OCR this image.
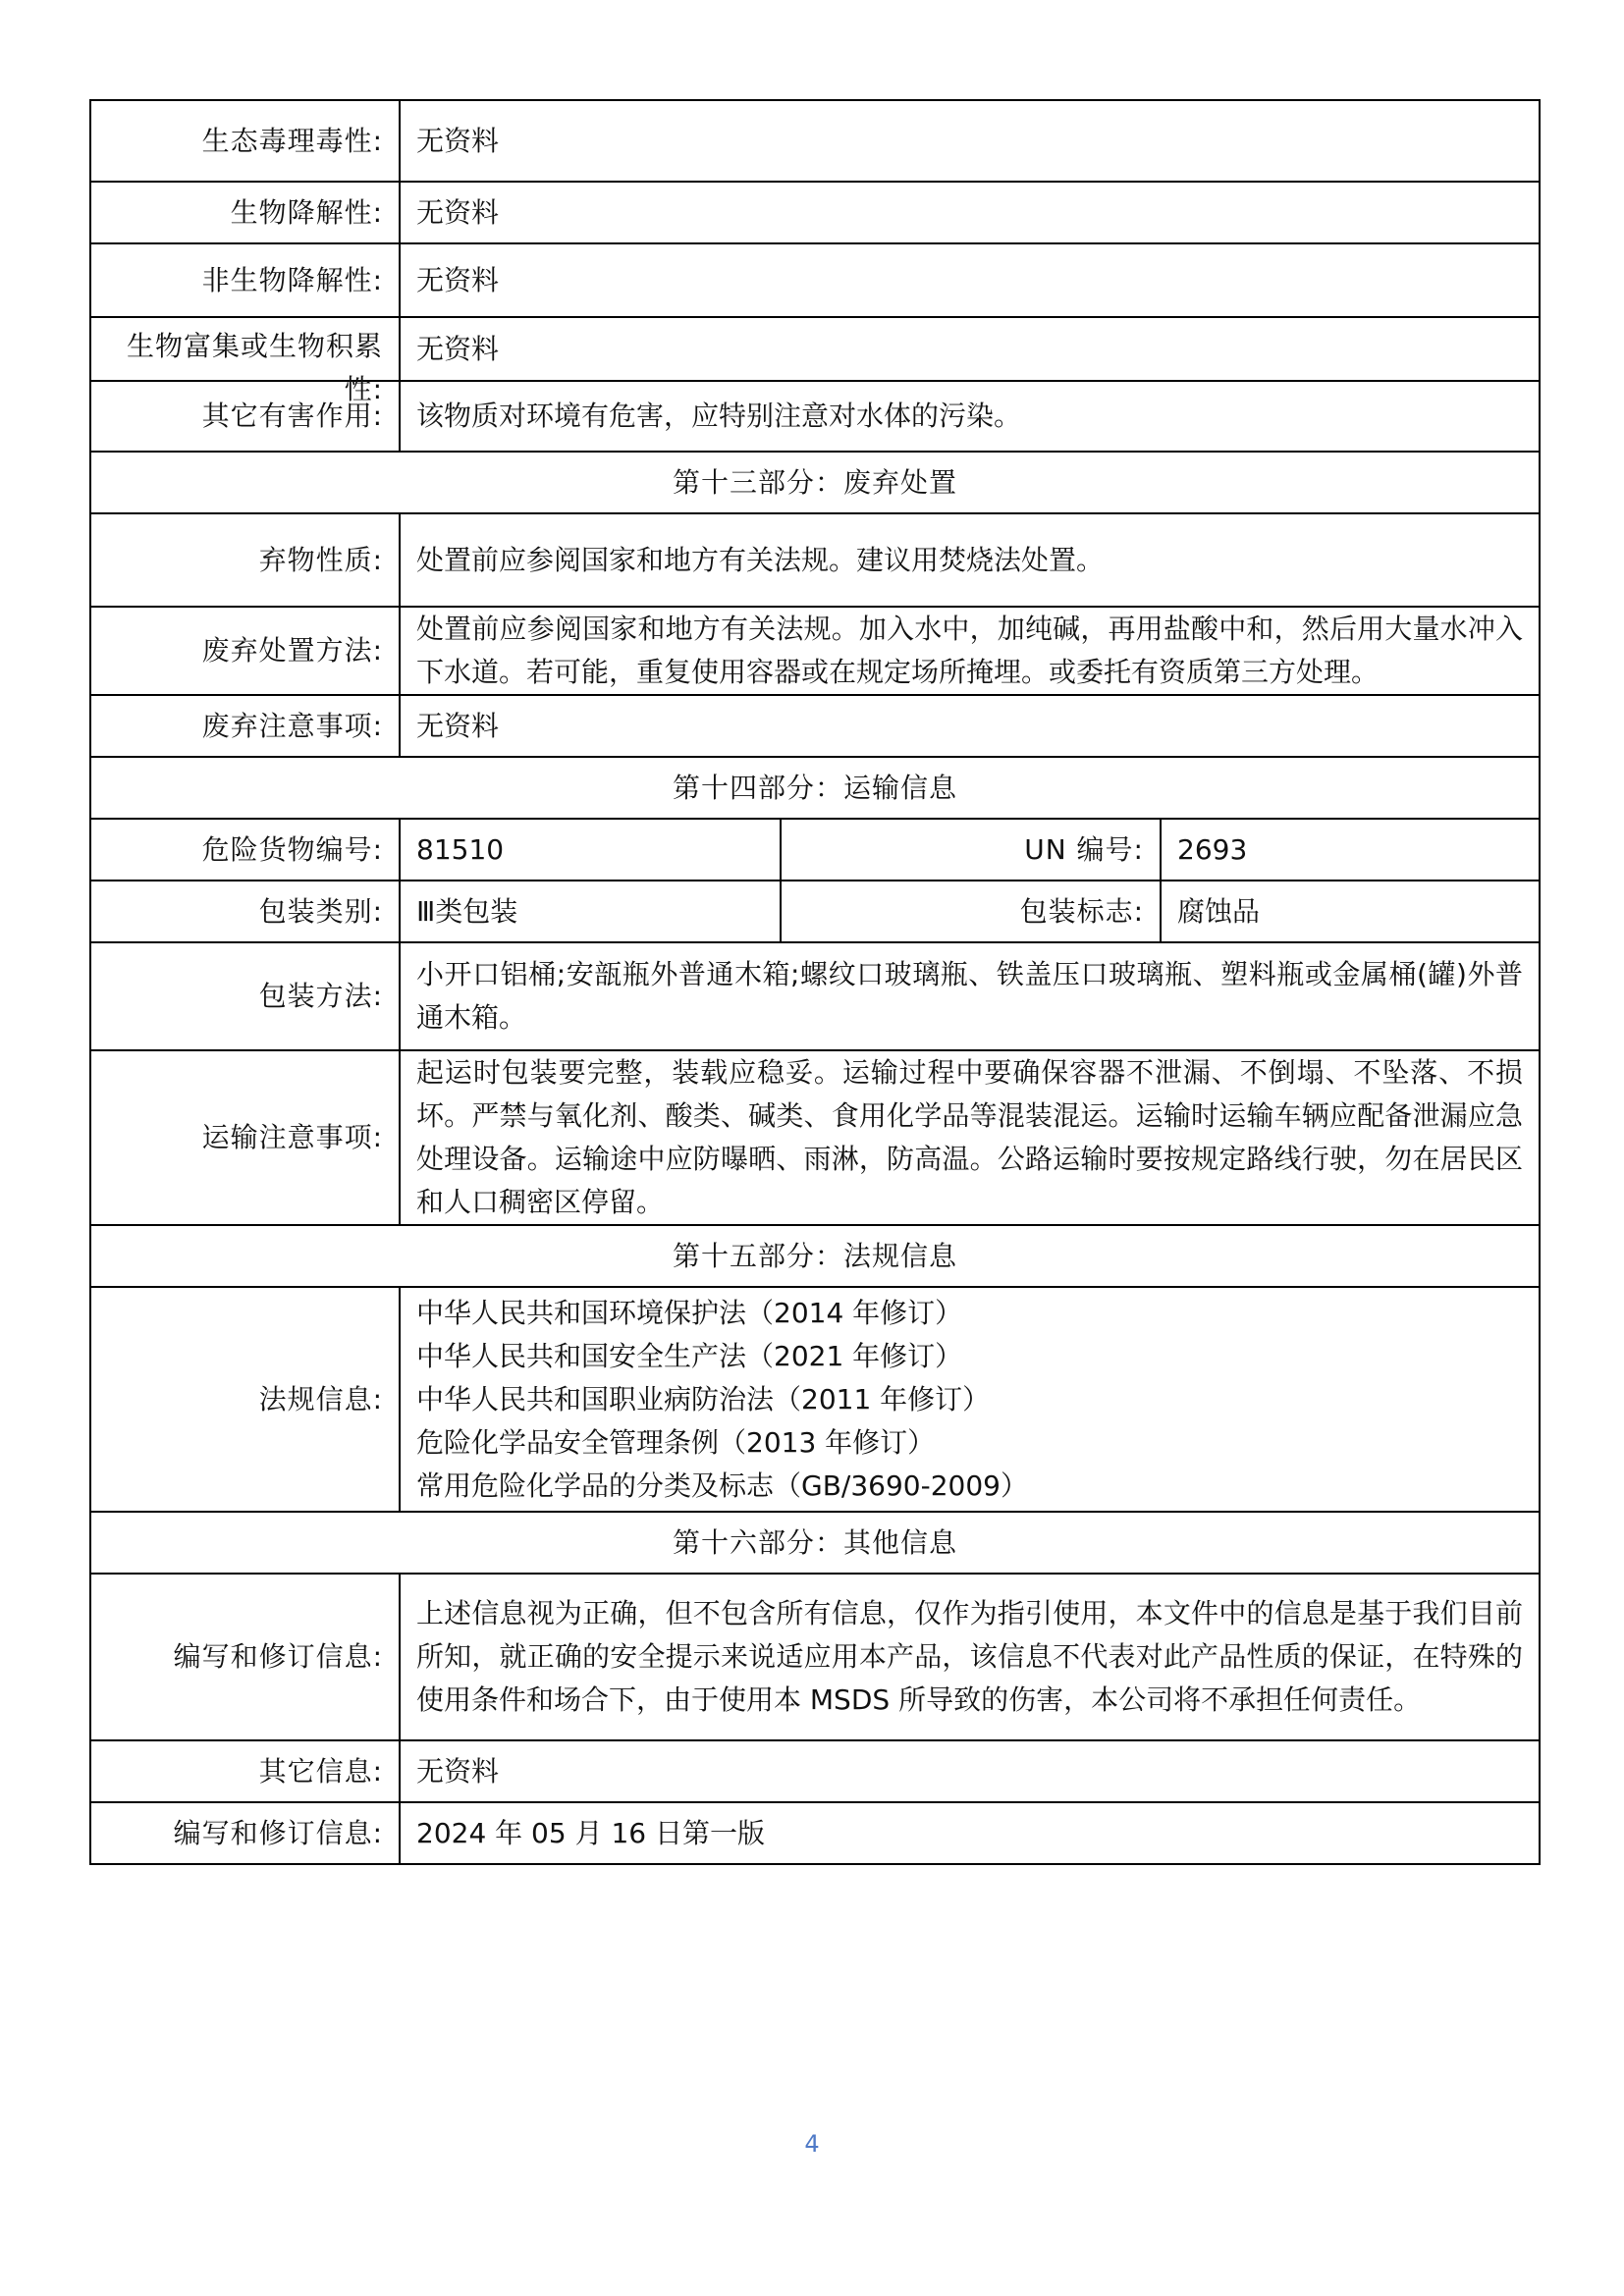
生态毒理毒性:	无资料		
生物降解性:	无资料		
非生物降解性:	无资料		

生物富集或生物积累性:	无资料		
其它有害作用:	该物质对环境有危害，应特别注意对水体的污染。		
第十三部分：废弃处置			
弃物性质:	处置前应参阅国家和地方有关法规。建议用焚烧法处置。		
废弃处置方法:	处置前应参阅国家和地方有关法规。加入水中，加纯碱，再用盐酸中和，然后用大量水冲入下水道。若可能，重复使用容器或在规定场所掩埋。或委托有资质第三方处理。		

废弃注意事项:	无资料		
第十四部分：运输信息			
危险货物编号:	81510	UN 编号:	2693
包装类别:	Ⅲ类包装	包装标志:	腐蚀品
包装方法:	小开口铝桶;安瓿瓶外普通木箱;螺纹口玻璃瓶、铁盖压口玻璃瓶、塑料瓶或金属桶(罐)外普通木箱。		

运输注意事项:	起运时包装要完整，装载应稳妥。运输过程中要确保容器不泄漏、不倒塌、不坠落、不损坏。严禁与氧化剂、酸类、碱类、食用化学品等混装混运。运输时运输车辆应配备泄漏应急处理设备。运输途中应防曝晒、雨淋，防高温。公路运输时要按规定路线行驶，勿在居民区和人口稠密区停留。		

第十五部分：法规信息			
法规信息:	中华人民共和国环境保护法（2014 年修订）
中华人民共和国安全生产法（2021 年修订）
中华人民共和国职业病防治法（2011 年修订）
危险化学品安全管理条例（2013 年修订）
常用危险化学品的分类及标志（GB/3690-2009）		

第十六部分：其他信息			
编写和修订信息:	上述信息视为正确，但不包含所有信息，仅作为指引使用，本文件中的信息是基于我们目前所知，就正确的安全提示来说适应用本产品，该信息不代表对此产品性质的保证，在特殊的使用条件和场合下，由于使用本 MSDS 所导致的伤害，本公司将不承担任何责任。		

其它信息:	无资料		
编写和修订信息:	2024 年 05 月 16 日第一版		
4
